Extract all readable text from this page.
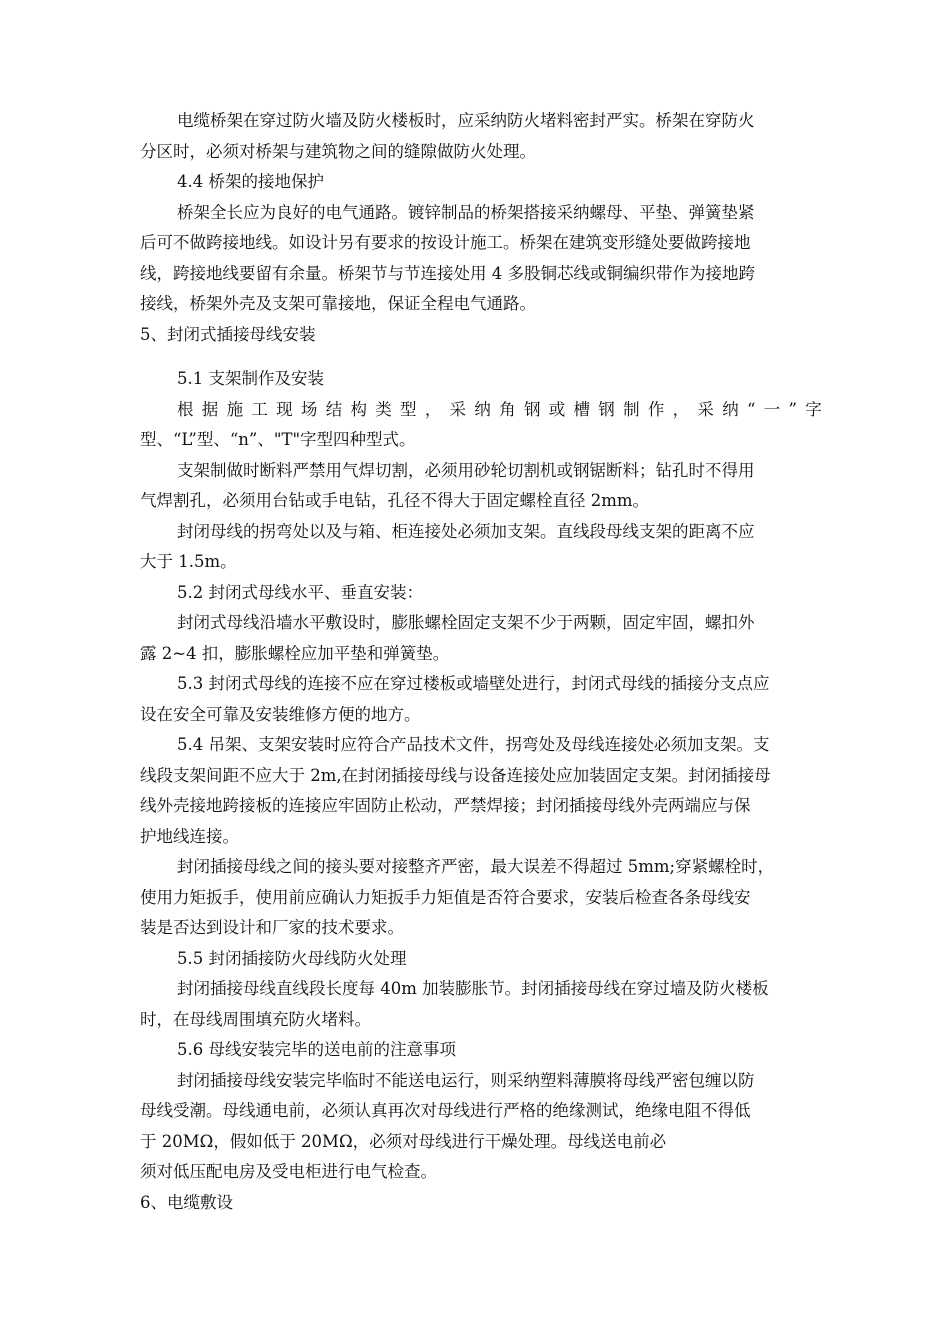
电缆桥架在穿过防火墙及防火楼板时，应采纳防火堵料密封严实。桥架在穿防火

分区时，必须对桥架与建筑物之间的缝隙做防火处理。

4.4 桥架的接地保护

桥架全长应为良好的电气通路。镀锌制品的桥架搭接采纳螺母、平垫、弹簧垫紧

后可不做跨接地线。如设计另有要求的按设计施工。桥架在建筑变形缝处要做跨接地

线，跨接地线要留有余量。桥架节与节连接处用 4 多股铜芯线或铜编织带作为接地跨

接线，桥架外壳及支架可靠接地，保证全程电气通路。

5、封闭式插接母线安装

5.1 支架制作及安装

根 据 施 工 现 场 结 构 类 型 ， 采 纳 角 钢 或 槽 钢 制 作 ， 采 纳 “ 一 ” 字

型、“L”型、“n”、"T"字型四种型式。

支架制做时断料严禁用气焊切割，必须用砂轮切割机或钢锯断料；钻孔时不得用

气焊割孔，必须用台钻或手电钻，孔径不得大于固定螺栓直径 2mm。

封闭母线的拐弯处以及与箱、柜连接处必须加支架。直线段母线支架的距离不应

大于 1.5m。

5.2 封闭式母线水平、垂直安装：

封闭式母线沿墙水平敷设时，膨胀螺栓固定支架不少于两颗，固定牢固，螺扣外

露 2~4 扣，膨胀螺栓应加平垫和弹簧垫。

5.3 封闭式母线的连接不应在穿过楼板或墙壁处进行，封闭式母线的插接分支点应

设在安全可靠及安装维修方便的地方。

5.4 吊架、支架安装时应符合产品技术文件，拐弯处及母线连接处必须加支架。支

线段支架间距不应大于 2m,在封闭插接母线与设备连接处应加装固定支架。封闭插接母

线外壳接地跨接板的连接应牢固防止松动，严禁焊接；封闭插接母线外壳两端应与保

护地线连接。

封闭插接母线之间的接头要对接整齐严密，最大误差不得超过 5mm;穿紧螺栓时，

使用力矩扳手，使用前应确认力矩扳手力矩值是否符合要求，安装后检查各条母线安

装是否达到设计和厂家的技术要求。

5.5 封闭插接防火母线防火处理

封闭插接母线直线段长度每 40m 加装膨胀节。封闭插接母线在穿过墙及防火楼板

时，在母线周围填充防火堵料。

5.6 母线安装完毕的送电前的注意事项

封闭插接母线安装完毕临时不能送电运行，则采纳塑料薄膜将母线严密包缠以防

母线受潮。母线通电前，必须认真再次对母线进行严格的绝缘测试，绝缘电阻不得低

于 20MΩ，假如低于 20MΩ，必须对母线进行干燥处理。母线送电前必

须对低压配电房及受电柜进行电气检查。

6、电缆敷设
